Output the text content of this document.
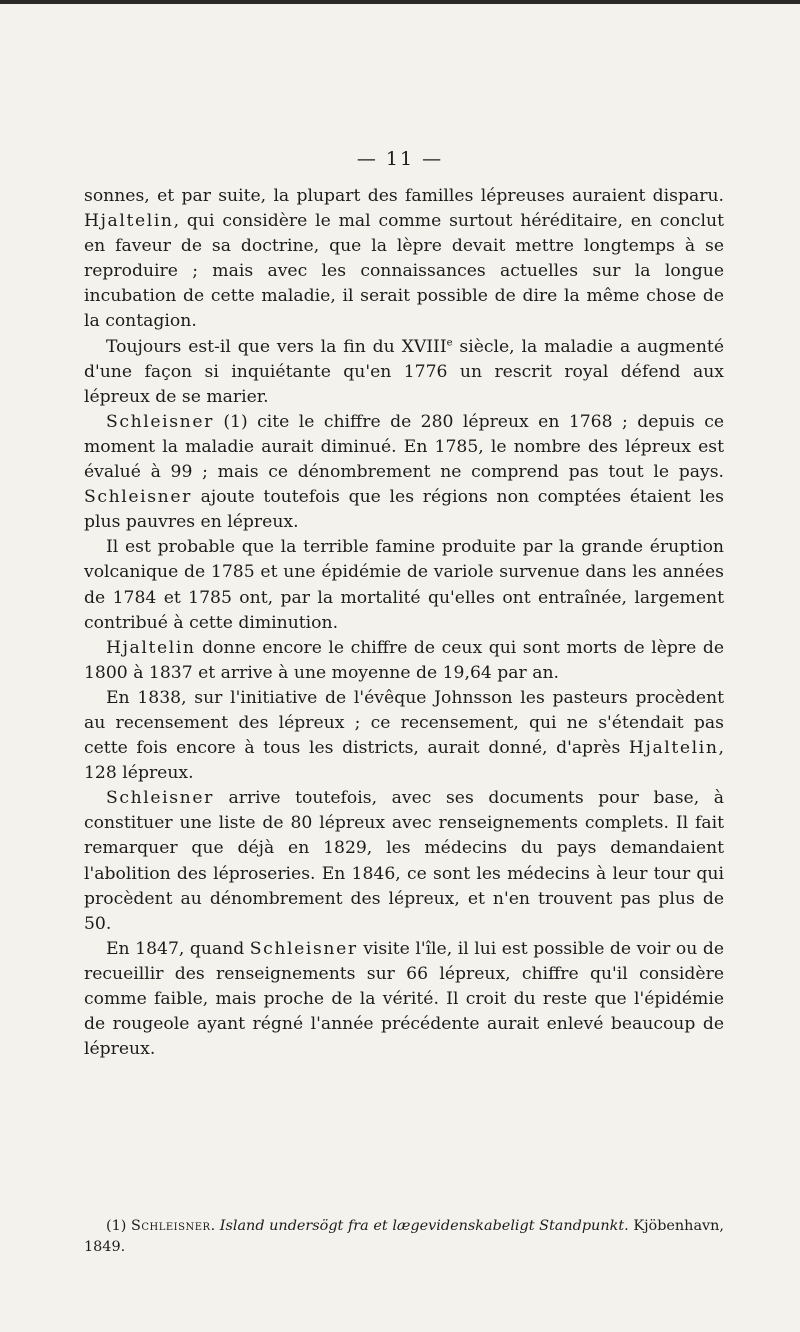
— 11 —

sonnes, et par suite, la plupart des familles lépreuses auraient disparu. Hjaltelin, qui considère le mal comme surtout héréditaire, en conclut en faveur de sa doctrine, que la lèpre devait mettre longtemps à se reproduire ; mais avec les connaissances actuelles sur la longue incubation de cette maladie, il serait possible de dire la même chose de la contagion.

Toujours est-il que vers la fin du XVIIIe siècle, la maladie a augmenté d'une façon si inquiétante qu'en 1776 un rescrit royal défend aux lépreux de se marier.

Schleisner (1) cite le chiffre de 280 lépreux en 1768 ; depuis ce moment la maladie aurait diminué. En 1785, le nombre des lépreux est évalué à 99 ; mais ce dénombrement ne comprend pas tout le pays. Schleisner ajoute toutefois que les régions non comptées étaient les plus pauvres en lépreux.

Il est probable que la terrible famine produite par la grande éruption volcanique de 1785 et une épidémie de variole survenue dans les années de 1784 et 1785 ont, par la mortalité qu'elles ont entraînée, largement contribué à cette diminution.

Hjaltelin donne encore le chiffre de ceux qui sont morts de lèpre de 1800 à 1837 et arrive à une moyenne de 19,64 par an.

En 1838, sur l'initiative de l'évêque Johnsson les pasteurs procèdent au recensement des lépreux ; ce recensement, qui ne s'étendait pas cette fois encore à tous les districts, aurait donné, d'après Hjaltelin, 128 lépreux.

Schleisner arrive toutefois, avec ses documents pour base, à constituer une liste de 80 lépreux avec renseignements complets. Il fait remarquer que déjà en 1829, les médecins du pays demandaient l'abolition des léproseries. En 1846, ce sont les médecins à leur tour qui procèdent au dénombrement des lépreux, et n'en trouvent pas plus de 50.

En 1847, quand Schleisner visite l'île, il lui est possible de voir ou de recueillir des renseignements sur 66 lépreux, chiffre qu'il considère comme faible, mais proche de la vérité. Il croit du reste que l'épidémie de rougeole ayant régné l'année précédente aurait enlevé beaucoup de lépreux.

(1) Schleisner. Island undersögt fra et lægevidenskabeligt Standpunkt. Kjöbenhavn, 1849.
